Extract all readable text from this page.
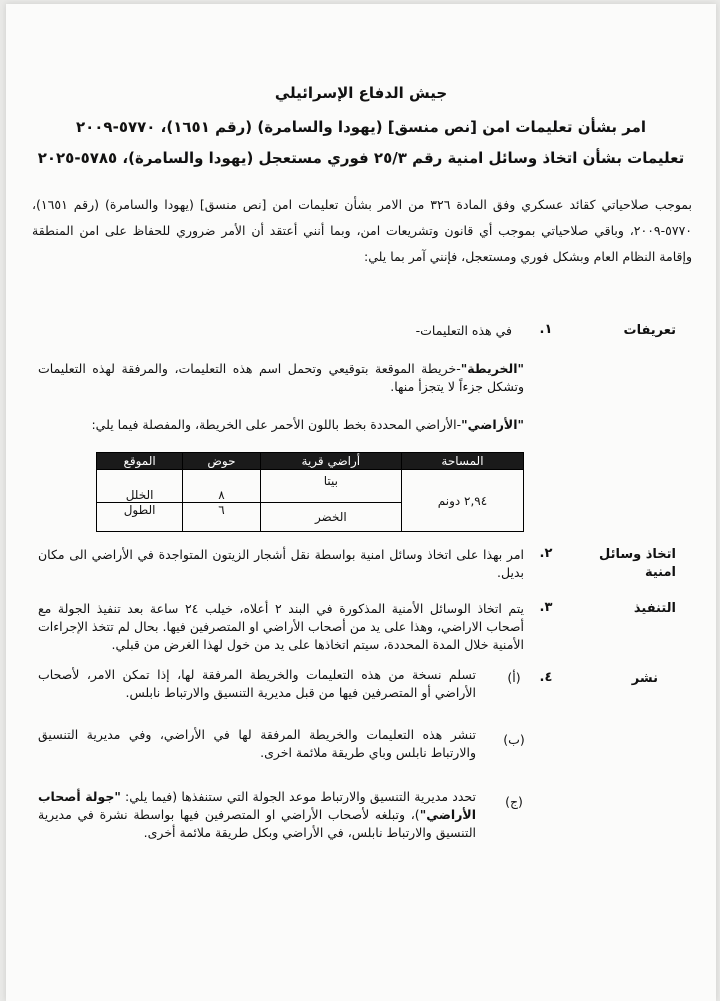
جيش الدفاع الإسرائيلي
امر بشأن تعليمات امن [نص منسق] (يهودا والسامرة) (رقم ١٦٥١)، ٥٧٧٠-٢٠٠٩
تعليمات بشأن اتخاذ وسائل امنية رقم ٢٥/٣ فوري مستعجل (يهودا والسامرة)، ٥٧٨٥-٢٠٢٥
بموجب صلاحياتي كقائد عسكري وفق المادة ٣٢٦ من الامر بشأن تعليمات امن [نص منسق] (يهودا والسامرة) (رقم ١٦٥١)، ٥٧٧٠-٢٠٠٩، وباقي صلاحياتي بموجب أي قانون وتشريعات امن، وبما أنني أعتقد أن الأمر ضروري للحفاظ على امن المنطقة وإقامة النظام العام وبشكل فوري ومستعجل، فإنني آمر بما يلي:
تعريفات
١.
في هذه التعليمات-
"الخريطة"-خريطة الموقعة بتوقيعي وتحمل اسم هذه التعليمات، والمرفقة لهذه التعليمات وتشكل جزءاً لا يتجزأ منها.
"الأراضي"-الأراضي المحددة بخط باللون الأحمر على الخريطة، والمفصلة فيما يلي:
المساحة	أراضي قرية	حوض	الموقع
٢,٩٤ دونم	بيتا	٨	الخلل
	الخضر	٦	الطول
اتخاذ وسائل امنية
٢.
امر بهذا على اتخاذ وسائل امنية بواسطة نقل أشجار الزيتون المتواجدة في الأراضي الى مكان بديل.
التنفيذ
٣.
يتم اتخاذ الوسائل الأمنية المذكورة في البند ٢ أعلاه، خيلب ٢٤ ساعة بعد تنفيذ الجولة مع أصحاب الاراضي، وهذا على يد من أصحاب الأراضي او المتصرفين فيها. بحال لم تتخذ الإجراءات الأمنية خلال المدة المحددة، سيتم اتخاذها على يد من خول لهذا الغرض من قبلي.
نشر
٤.
(أ)
تسلم نسخة من هذه التعليمات والخريطة المرفقة لها، إذا تمكن الامر، لأصحاب الأراضي أو المتصرفين فيها من قبل مديرية التنسيق والارتباط نابلس.
(ب)
تنشر هذه التعليمات والخريطة المرفقة لها في الأراضي، وفي مديرية التنسيق والارتباط نابلس وباي طريقة ملائمة اخرى.
(ج)
تحدد مديرية التنسيق والارتباط موعد الجولة التي ستنفذها (فيما يلي: "جولة أصحاب الأراضي")، وتبلغه لأصحاب الأراضي او المتصرفين فيها بواسطة نشرة في مديرية التنسيق والارتباط نابلس، في الأراضي وبكل طريقة ملائمة أخرى.
